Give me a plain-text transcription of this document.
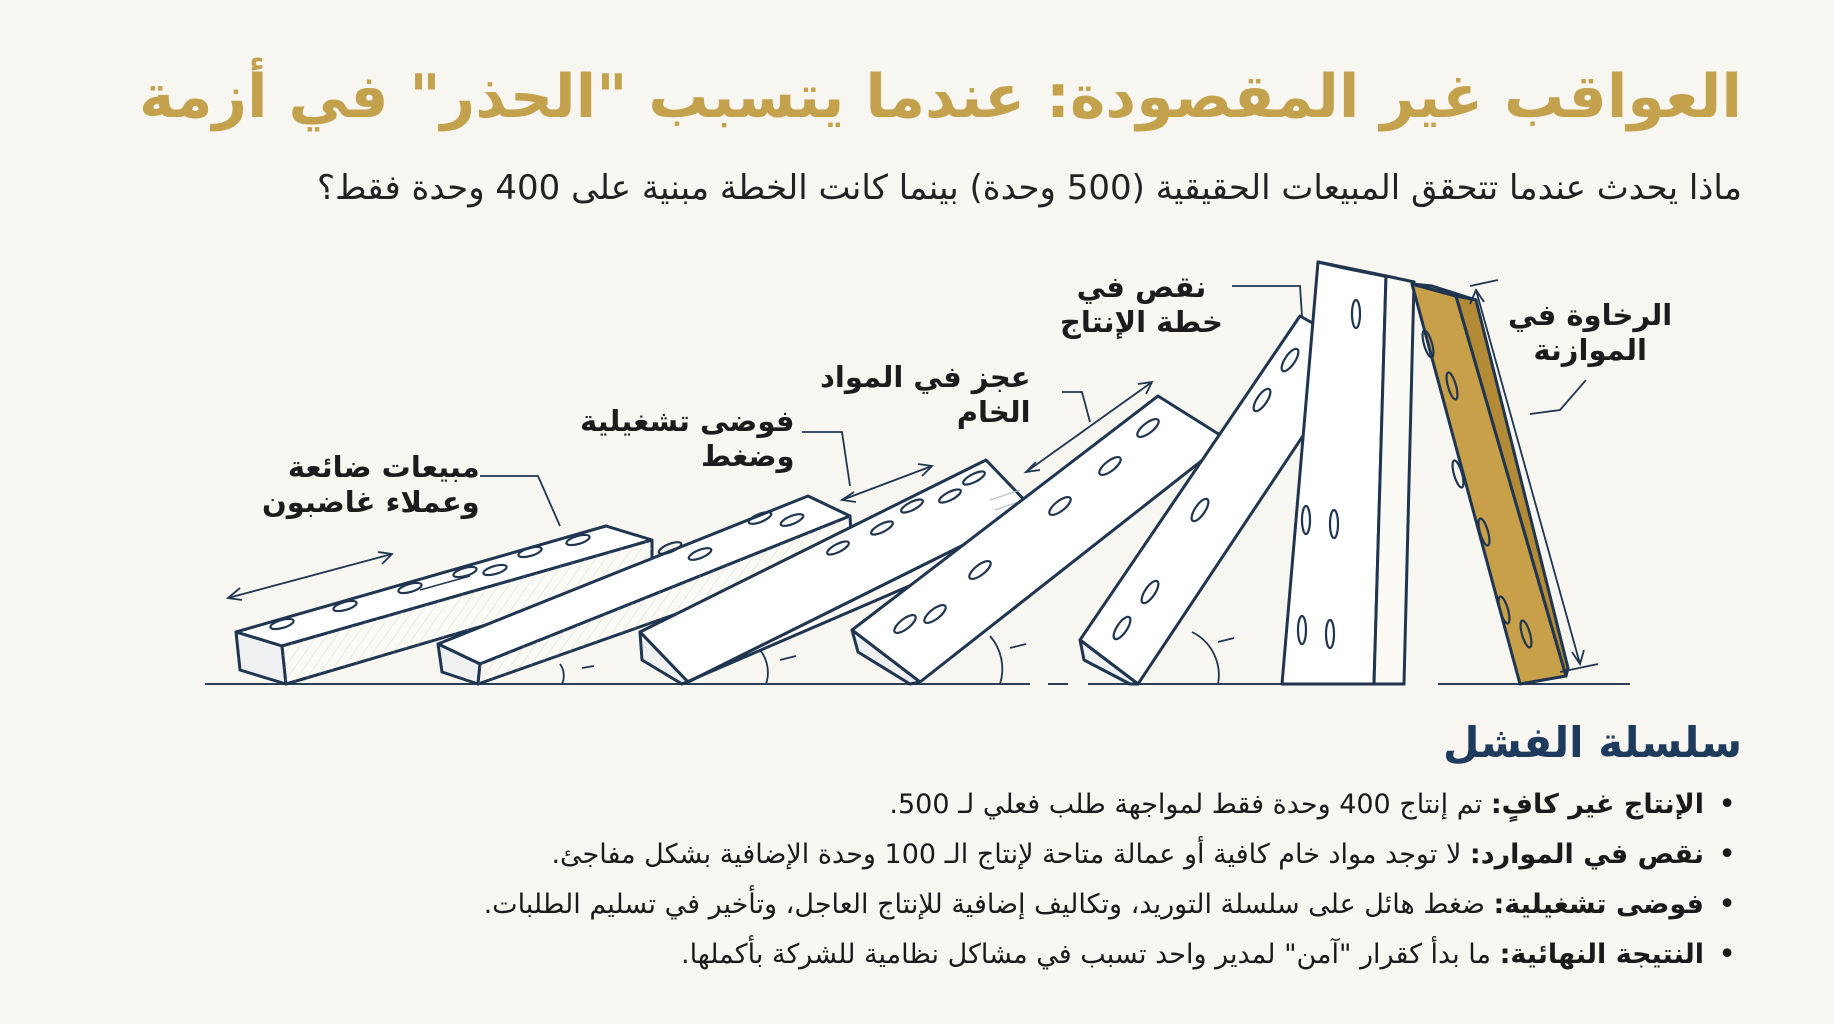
العواقب غير المقصودة: عندما يتسبب "الحذر" في أزمة

ماذا يحدث عندما تتحقق المبيعات الحقيقية (500 وحدة) بينما كانت الخطة مبنية على 400 وحدة فقط؟

الرخاوة في
الموازنة
نقص في
خطة الإنتاج
عجز في المواد
الخام
فوضى تشغيلية
وضغط
مبيعات ضائعة
وعملاء غاضبون
سلسلة الفشل
•
الإنتاج غير كافٍ: تم إنتاج 400 وحدة فقط لمواجهة طلب فعلي لـ 500.
•
نقص في الموارد: لا توجد مواد خام كافية أو عمالة متاحة لإنتاج الـ 100 وحدة الإضافية بشكل مفاجئ.
•
فوضى تشغيلية: ضغط هائل على سلسلة التوريد، وتكاليف إضافية للإنتاج العاجل، وتأخير في تسليم الطلبات.
•
النتيجة النهائية: ما بدأ كقرار "آمن" لمدير واحد تسبب في مشاكل نظامية للشركة بأكملها.
